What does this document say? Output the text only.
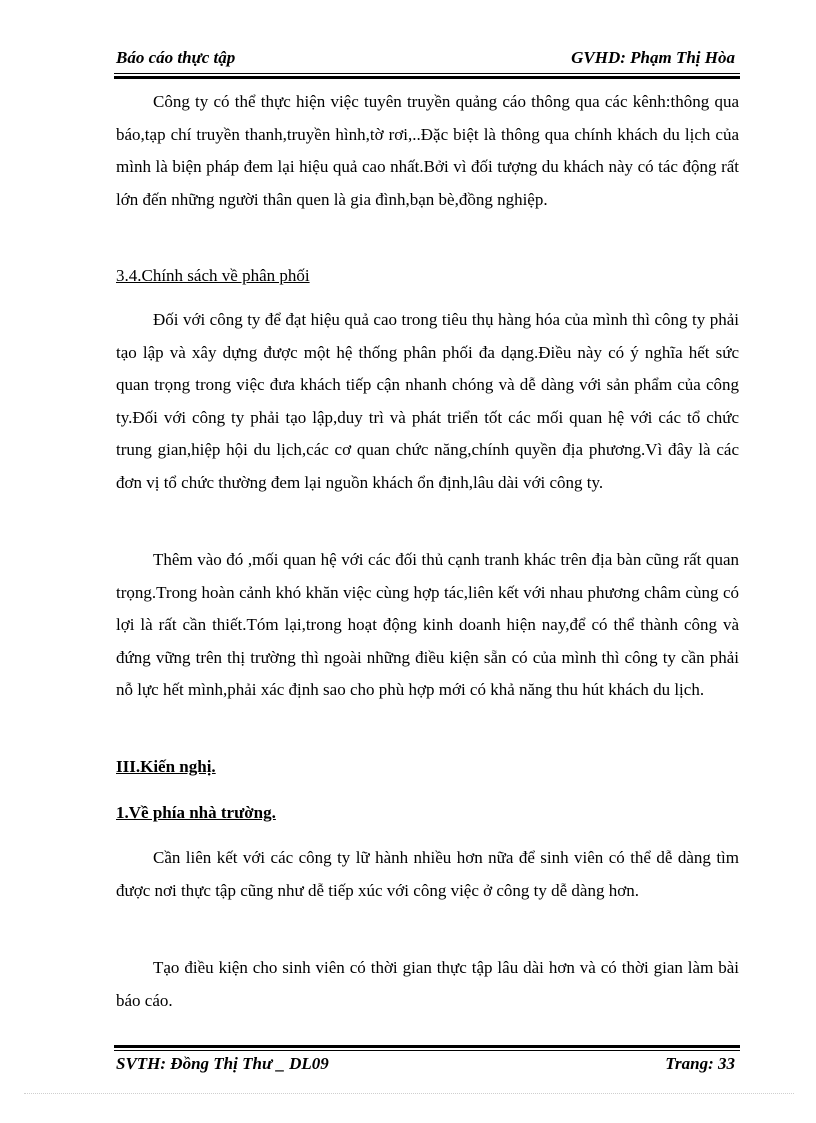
Báo cáo thực tập	GVHD: Phạm Thị Hòa

Công ty có thể thực hiện việc tuyên truyền quảng cáo thông qua các kênh:thông qua báo,tạp chí truyền thanh,truyền hình,tờ rơi,..Đặc biệt là thông qua chính khách du lịch của mình là biện pháp đem lại hiệu quả cao nhất.Bởi vì đối tượng du khách này có tác động rất lớn đến những người thân quen là gia đình,bạn bè,đồng nghiệp.

3.4.Chính sách về phân phối

Đối với công ty để đạt hiệu quả cao trong tiêu thụ hàng hóa của mình thì công ty phải tạo lập và xây dựng được một hệ thống phân phối đa dạng.Điều này có ý nghĩa hết sức quan trọng trong việc đưa khách tiếp cận nhanh chóng và dễ dàng với sản phẩm của công ty.Đối với công ty phải tạo lập,duy trì và phát triển tốt các mối quan hệ với các tổ chức trung gian,hiệp hội du lịch,các cơ quan chức năng,chính quyền địa phương.Vì đây là các đơn vị tổ chức thường đem lại nguồn khách ổn định,lâu dài với công ty.

Thêm vào đó ,mối quan hệ với các đối thủ cạnh tranh khác trên địa bàn cũng rất quan trọng.Trong hoàn cảnh khó khăn việc cùng hợp tác,liên kết với nhau phương châm cùng có lợi là rất cần thiết.Tóm lại,trong hoạt động kinh doanh hiện nay,để có thể thành công và đứng vững trên thị trường thì ngoài những điều kiện sẵn có của mình thì công ty cần phải nỗ lực hết mình,phải xác định sao cho phù hợp mới có khả năng thu hút khách du lịch.

III.Kiến nghị.

1.Về phía nhà trường.

Cần liên kết với các công ty lữ hành nhiều hơn nữa để sinh viên có thể dễ dàng tìm được nơi thực tập cũng như dễ tiếp xúc với công việc ở công ty dễ dàng hơn.

Tạo điều kiện cho sinh viên có thời gian thực tập lâu dài hơn và có thời gian làm bài báo cáo.

SVTH: Đồng Thị Thư _ DL09	Trang: 33
